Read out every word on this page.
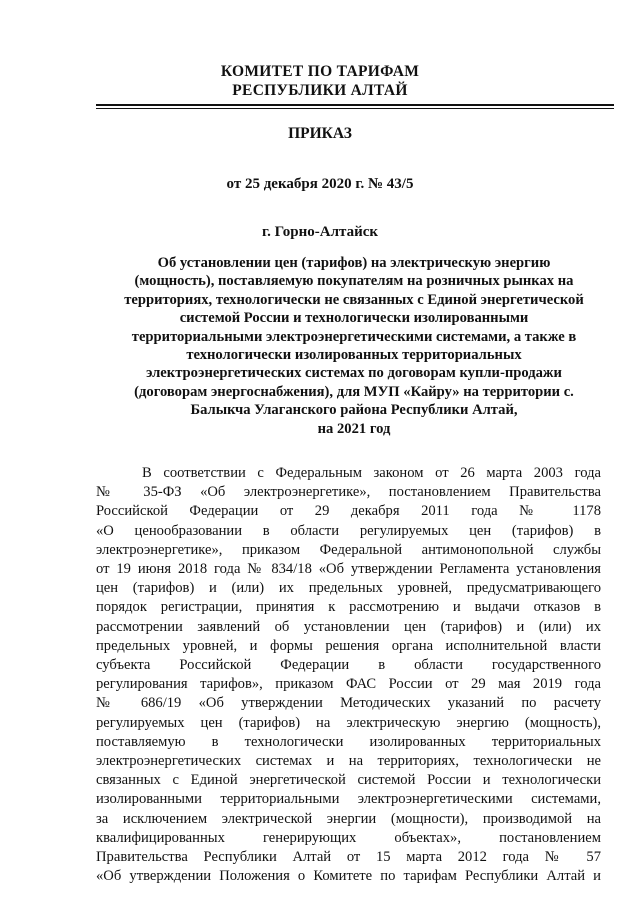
КОМИТЕТ ПО ТАРИФАМ
РЕСПУБЛИКИ АЛТАЙ
ПРИКАЗ
от 25 декабря 2020 г. № 43/5
г. Горно-Алтайск
Об установлении цен (тарифов) на электрическую энергию
(мощность), поставляемую покупателям на розничных рынках на
территориях, технологически не связанных с Единой энергетической
системой России и технологически изолированными
территориальными электроэнергетическими системами, а также в
технологически изолированных территориальных
электроэнергетических системах по договорам купли-продажи
(договорам энергоснабжения), для МУП «Кайру» на территории с.
Балыкча Улаганского района Республики Алтай,
на 2021 год
В соответствии с Федеральным законом от 26 марта 2003 года
№ 35-ФЗ «Об электроэнергетике», постановлением Правительства
Российской Федерации от 29 декабря 2011 года № 1178
«О ценообразовании в области регулируемых цен (тарифов) в
электроэнергетике», приказом Федеральной антимонопольной службы
от 19 июня 2018 года № 834/18 «Об утверждении Регламента установления
цен (тарифов) и (или) их предельных уровней, предусматривающего
порядок регистрации, принятия к рассмотрению и выдачи отказов в
рассмотрении заявлений об установлении цен (тарифов) и (или) их
предельных уровней, и формы решения органа исполнительной власти
субъекта Российской Федерации в области государственного
регулирования тарифов», приказом ФАС России от 29 мая 2019 года
№ 686/19 «Об утверждении Методических указаний по расчету
регулируемых цен (тарифов) на электрическую энергию (мощность),
поставляемую в технологически изолированных территориальных
электроэнергетических системах и на территориях, технологически не
связанных с Единой энергетической системой России и технологически
изолированными территориальными электроэнергетическими системами,
за исключением электрической энергии (мощности), производимой на
квалифицированных генерирующих объектах», постановлением
Правительства Республики Алтай от 15 марта 2012 года № 57
«Об утверждении Положения о Комитете по тарифам Республики Алтай и
